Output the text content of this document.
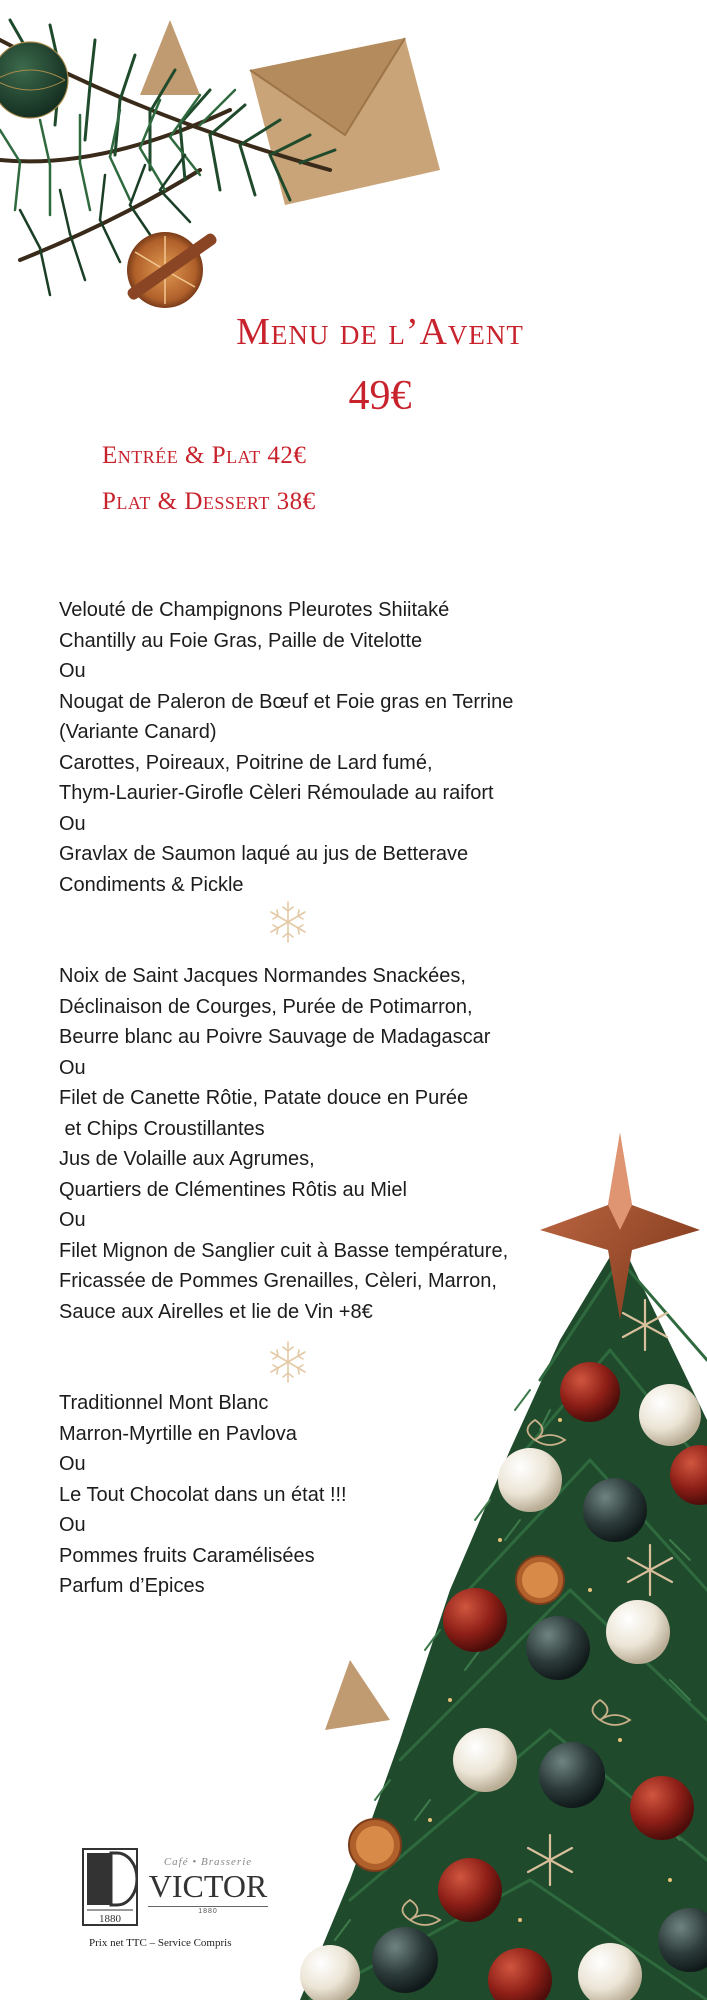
Menu de l’Avent
49€
Entrée & Plat 42€
Plat & Dessert 38€
Velouté de Champignons Pleurotes Shiitaké
Chantilly au Foie Gras, Paille de Vitelotte
Ou
Nougat de Paleron de Bœuf et Foie gras en Terrine
(Variante Canard)
Carottes, Poireaux, Poitrine de Lard fumé,
Thym-Laurier-Girofle Cèleri Rémoulade au raifort
Ou
Gravlax de Saumon laqué au jus de Betterave
Condiments & Pickle
Noix de Saint Jacques Normandes Snackées,
Déclinaison de Courges, Purée de Potimarron,
Beurre blanc au Poivre Sauvage de Madagascar
Ou
Filet de Canette Rôtie, Patate douce en Purée
et Chips Croustillantes
Jus de Volaille aux Agrumes,
Quartiers de Clémentines Rôtis au Miel
Ou
Filet Mignon de Sanglier cuit à Basse température,
Fricassée de Pommes Grenailles, Cèleri, Marron,
Sauce aux Airelles et lie de Vin +8€
Traditionnel Mont Blanc
Marron-Myrtille en Pavlova
Ou
Le Tout Chocolat dans un état !!!
Ou
Pommes fruits Caramélisées
Parfum d’Epices
1880
Café • Brasserie
VICTOR
1880
Prix net TTC – Service Compris
